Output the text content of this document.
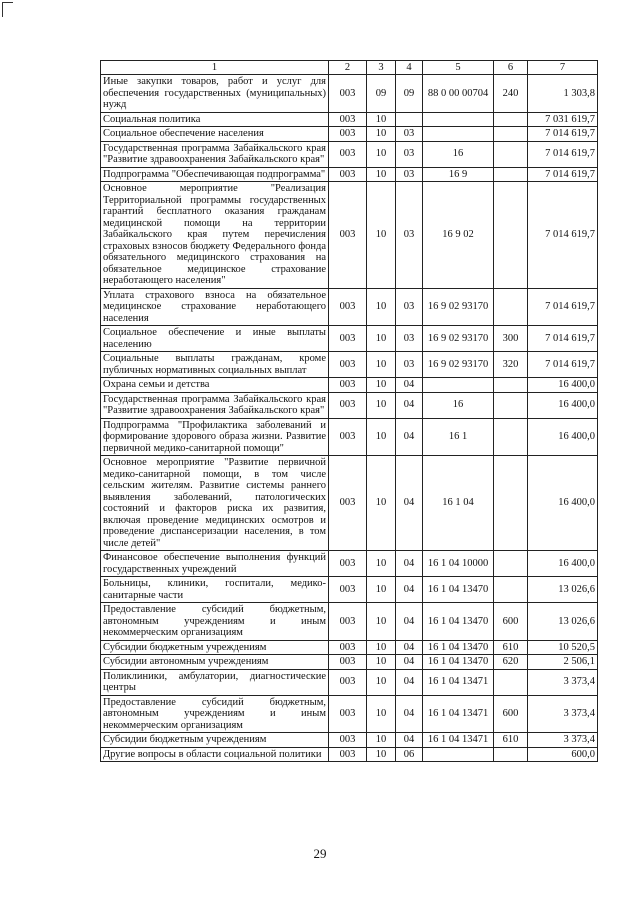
1	2	3	4	5	6	7
Иные закупки товаров, работ и услуг для обеспечения государственных (муниципальных) нужд	003	09	09	88 0 00 00704	240	1 303,8
Социальная политика	003	10				7 031 619,7
Социальное обеспечение населения	003	10	03			7 014 619,7
Государственная программа Забайкальского края "Развитие здравоохранения Забайкальского края"	003	10	03	16		7 014 619,7
Подпрограмма "Обеспечивающая подпрограмма"	003	10	03	16 9		7 014 619,7
Основное мероприятие "Реализация Территориальной программы государственных гарантий бесплатного оказания гражданам медицинской помощи на территории Забайкальского края путем перечисления страховых взносов бюджету Федерального фонда обязательного медицинского страхования на обязательное медицинское страхование неработающего населения"	003	10	03	16 9 02		7 014 619,7
Уплата страхового взноса на обязательное медицинское страхование неработающего населения	003	10	03	16 9 02 93170		7 014 619,7
Социальное обеспечение и иные выплаты населению	003	10	03	16 9 02 93170	300	7 014 619,7
Социальные выплаты гражданам, кроме публичных нормативных социальных выплат	003	10	03	16 9 02 93170	320	7 014 619,7
Охрана семьи и детства	003	10	04			16 400,0
Государственная программа Забайкальского края "Развитие здравоохранения Забайкальского края"	003	10	04	16		16 400,0
Подпрограмма "Профилактика заболеваний и формирование здорового образа жизни. Развитие первичной медико-санитарной помощи"	003	10	04	16 1		16 400,0
Основное мероприятие "Развитие первичной медико-санитарной помощи, в том числе сельским жителям. Развитие системы раннего выявления заболеваний, патологических состояний и факторов риска их развития, включая проведение медицинских осмотров и проведение диспансеризации населения, в том числе детей"	003	10	04	16 1 04		16 400,0
Финансовое обеспечение выполнения функций государственных учреждений	003	10	04	16 1 04 10000		16 400,0
Больницы, клиники, госпитали, медико-санитарные части	003	10	04	16 1 04 13470		13 026,6
Предоставление субсидий бюджетным, автономным учреждениям и иным некоммерческим организациям	003	10	04	16 1 04 13470	600	13 026,6
Субсидии бюджетным учреждениям	003	10	04	16 1 04 13470	610	10 520,5
Субсидии автономным учреждениям	003	10	04	16 1 04 13470	620	2 506,1
Поликлиники, амбулатории, диагностические центры	003	10	04	16 1 04 13471		3 373,4
Предоставление субсидий бюджетным, автономным учреждениям и иным некоммерческим организациям	003	10	04	16 1 04 13471	600	3 373,4
Субсидии бюджетным учреждениям	003	10	04	16 1 04 13471	610	3 373,4
Другие вопросы в области социальной политики	003	10	06			600,0
29
